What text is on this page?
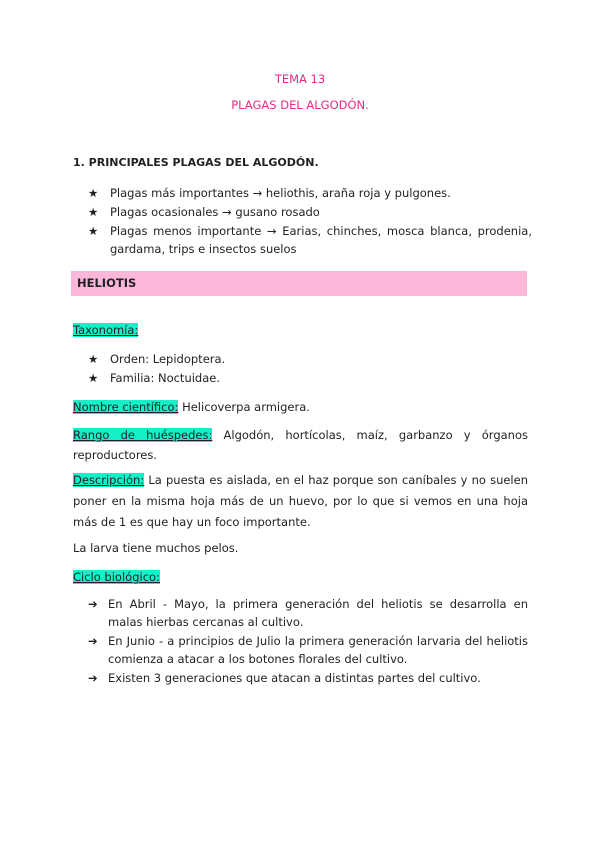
TEMA 13
PLAGAS DEL ALGODÓN.
1. PRINCIPALES PLAGAS DEL ALGODÓN.
★	Plagas más importantes → heliothis, araña roja y pulgones.
★	Plagas ocasionales → gusano rosado
★	Plagas menos importante → Earias, chinches, mosca blanca, prodenia, gardama, trips e insectos suelos
HELIOTIS
Taxonomía:
★	Orden: Lepidoptera.
★	Familia: Noctuidae.
Nombre científico: Helicoverpa armigera.
Rango de huéspedes: Algodón, hortícolas, maíz, garbanzo y órganos reproductores.
Descripción: La puesta es aislada, en el haz porque son caníbales y no suelen poner en la misma hoja más de un huevo, por lo que si vemos en una hoja más de 1 es que hay un foco importante.
La larva tiene muchos pelos.
Ciclo biológico:
➔ En Abril - Mayo, la primera generación del heliotis se desarrolla en malas hierbas cercanas al cultivo.
➔ En Junio - a principios de Julio la primera generación larvaria del heliotis comienza a atacar a los botones florales del cultivo.
➔ Existen 3 generaciones que atacan a distintas partes del cultivo.
